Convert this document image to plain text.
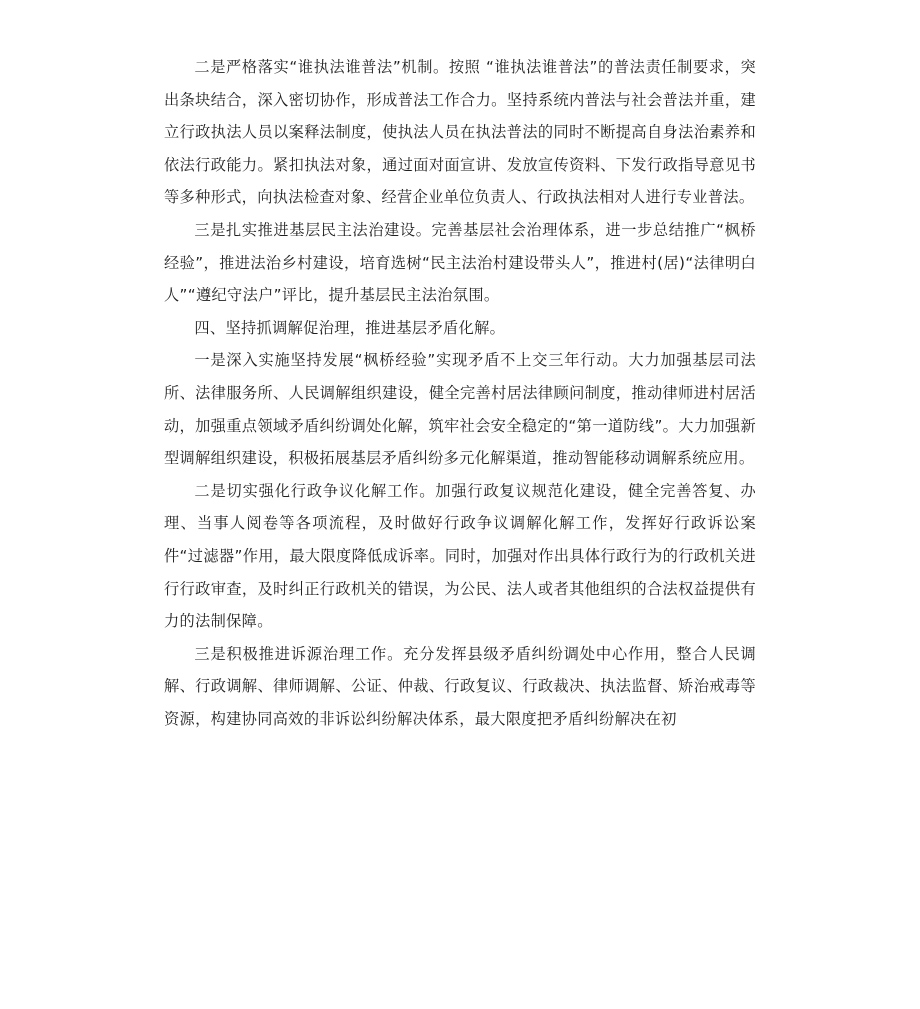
二是严格落实“谁执法谁普法”机制。按照 “谁执法谁普法”的普法责任制要求，突出条块结合，深入密切协作，形成普法工作合力。坚持系统内普法与社会普法并重，建立行政执法人员以案释法制度，使执法人员在执法普法的同时不断提高自身法治素养和依法行政能力。紧扣执法对象，通过面对面宣讲、发放宣传资料、下发行政指导意见书等多种形式，向执法检查对象、经营企业单位负责人、行政执法相对人进行专业普法。

三是扎实推进基层民主法治建设。完善基层社会治理体系，进一步总结推广“枫桥经验”，推进法治乡村建设，培育选树“民主法治村建设带头人”，推进村(居)“法律明白人”“遵纪守法户”评比，提升基层民主法治氛围。

四、坚持抓调解促治理，推进基层矛盾化解。

一是深入实施坚持发展“枫桥经验”实现矛盾不上交三年行动。大力加强基层司法所、法律服务所、人民调解组织建设，健全完善村居法律顾问制度，推动律师进村居活动，加强重点领域矛盾纠纷调处化解，筑牢社会安全稳定的“第一道防线”。大力加强新型调解组织建设，积极拓展基层矛盾纠纷多元化解渠道，推动智能移动调解系统应用。

二是切实强化行政争议化解工作。加强行政复议规范化建设，健全完善答复、办理、当事人阅卷等各项流程，及时做好行政争议调解化解工作，发挥好行政诉讼案件“过滤器”作用，最大限度降低成诉率。同时，加强对作出具体行政行为的行政机关进行行政审查，及时纠正行政机关的错误，为公民、法人或者其他组织的合法权益提供有力的法制保障。

三是积极推进诉源治理工作。充分发挥县级矛盾纠纷调处中心作用，整合人民调解、行政调解、律师调解、公证、仲裁、行政复议、行政裁决、执法监督、矫治戒毒等资源，构建协同高效的非诉讼纠纷解决体系，最大限度把矛盾纠纷解决在初
